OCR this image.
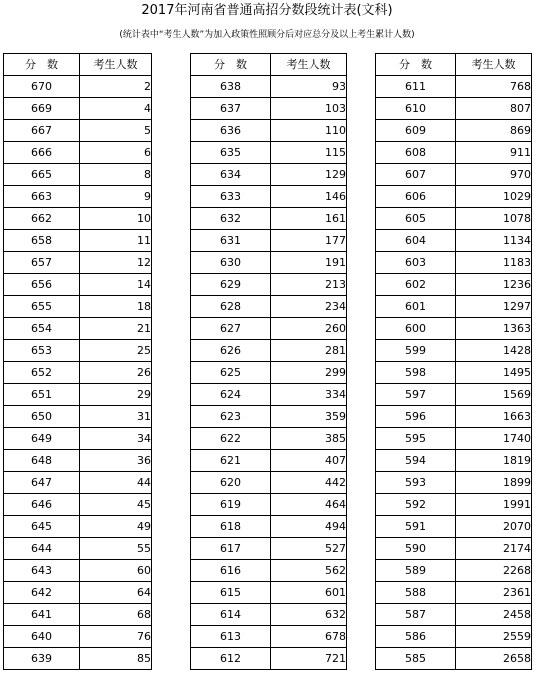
2017年河南省普通高招分数段统计表(文科)
(统计表中“考生人数”为加入政策性照顾分后对应总分及以上考生累计人数)
分　数	考生人数
670	2
669	4
667	5
666	6
665	8
663	9
662	10
658	11
657	12
656	14
655	18
654	21
653	25
652	26
651	29
650	31
649	34
648	36
647	44
646	45
645	49
644	55
643	60
642	64
641	68
640	76
639	85
分　数	考生人数
638	93
637	103
636	110
635	115
634	129
633	146
632	161
631	177
630	191
629	213
628	234
627	260
626	281
625	299
624	334
623	359
622	385
621	407
620	442
619	464
618	494
617	527
616	562
615	601
614	632
613	678
612	721
分　数	考生人数
611	768
610	807
609	869
608	911
607	970
606	1029
605	1078
604	1134
603	1183
602	1236
601	1297
600	1363
599	1428
598	1495
597	1569
596	1663
595	1740
594	1819
593	1899
592	1991
591	2070
590	2174
589	2268
588	2361
587	2458
586	2559
585	2658
